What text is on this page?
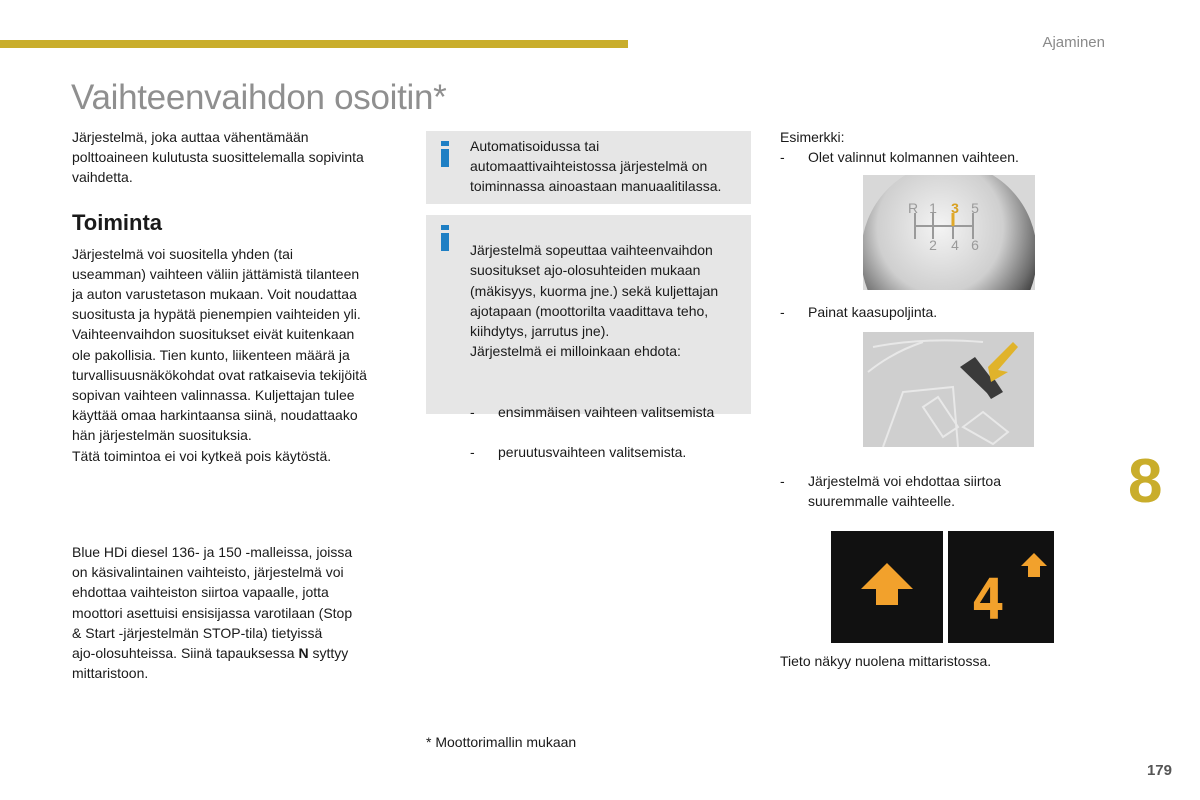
Ajaminen
Vaihteenvaihdon osoitin*

Järjestelmä, joka auttaa vähentämään
polttoaineen kulutusta suosittelemalla sopivinta
vaihdetta.

Toiminta

Järjestelmä voi suositella yhden (tai
useamman) vaihteen väliin jättämistä tilanteen
ja auton varustetason mukaan. Voit noudattaa
suositusta ja hypätä pienempien vaihteiden yli.
Vaihteenvaihdon suositukset eivät kuitenkaan
ole pakollisia. Tien kunto, liikenteen määrä ja
turvallisuusnäkökohdat ovat ratkaisevia tekijöitä
sopivan vaihteen valinnassa. Kuljettajan tulee
käyttää omaa harkintaansa siinä, noudattaako
hän järjestelmän suosituksia.
Tätä toimintoa ei voi kytkeä pois käytöstä.

Blue HDi diesel 136- ja 150 -malleissa, joissa
on käsivalintainen vaihteisto, järjestelmä voi
ehdottaa vaihteiston siirtoa vapaalle, jotta
moottori asettuisi ensisijassa varotilaan (Stop
& Start -järjestelmän STOP-tila) tietyissä
ajo-olosuhteissa. Siinä tapauksessa N syttyy
mittaristoon.
Automatisoidussa tai
automaattivaihteistossa järjestelmä on
toiminnassa ainoastaan manuaalitilassa.

Järjestelmä sopeuttaa vaihteenvaihdon
suositukset ajo-olosuhteiden mukaan
(mäkisyys, kuorma jne.) sekä kuljettajan
ajotapaan (moottorilta vaadittava teho,
kiihdytys, jarrutus jne).
Järjestelmä ei milloinkaan ehdota:

- ensimmäisen vaihteen valitsemista

- peruutusvaihteen valitsemista.

Esimerkki:
- Olet valinnut kolmannen vaihteen.
R 1 3 5
2 4 6
- Painat kaasupoljinta.
- Järjestelmä voi ehdottaa siirtoa
suuremmalle vaihteelle.
4
Tieto näkyy nuolena mittaristossa.
8
* Moottorimallin mukaan
179
